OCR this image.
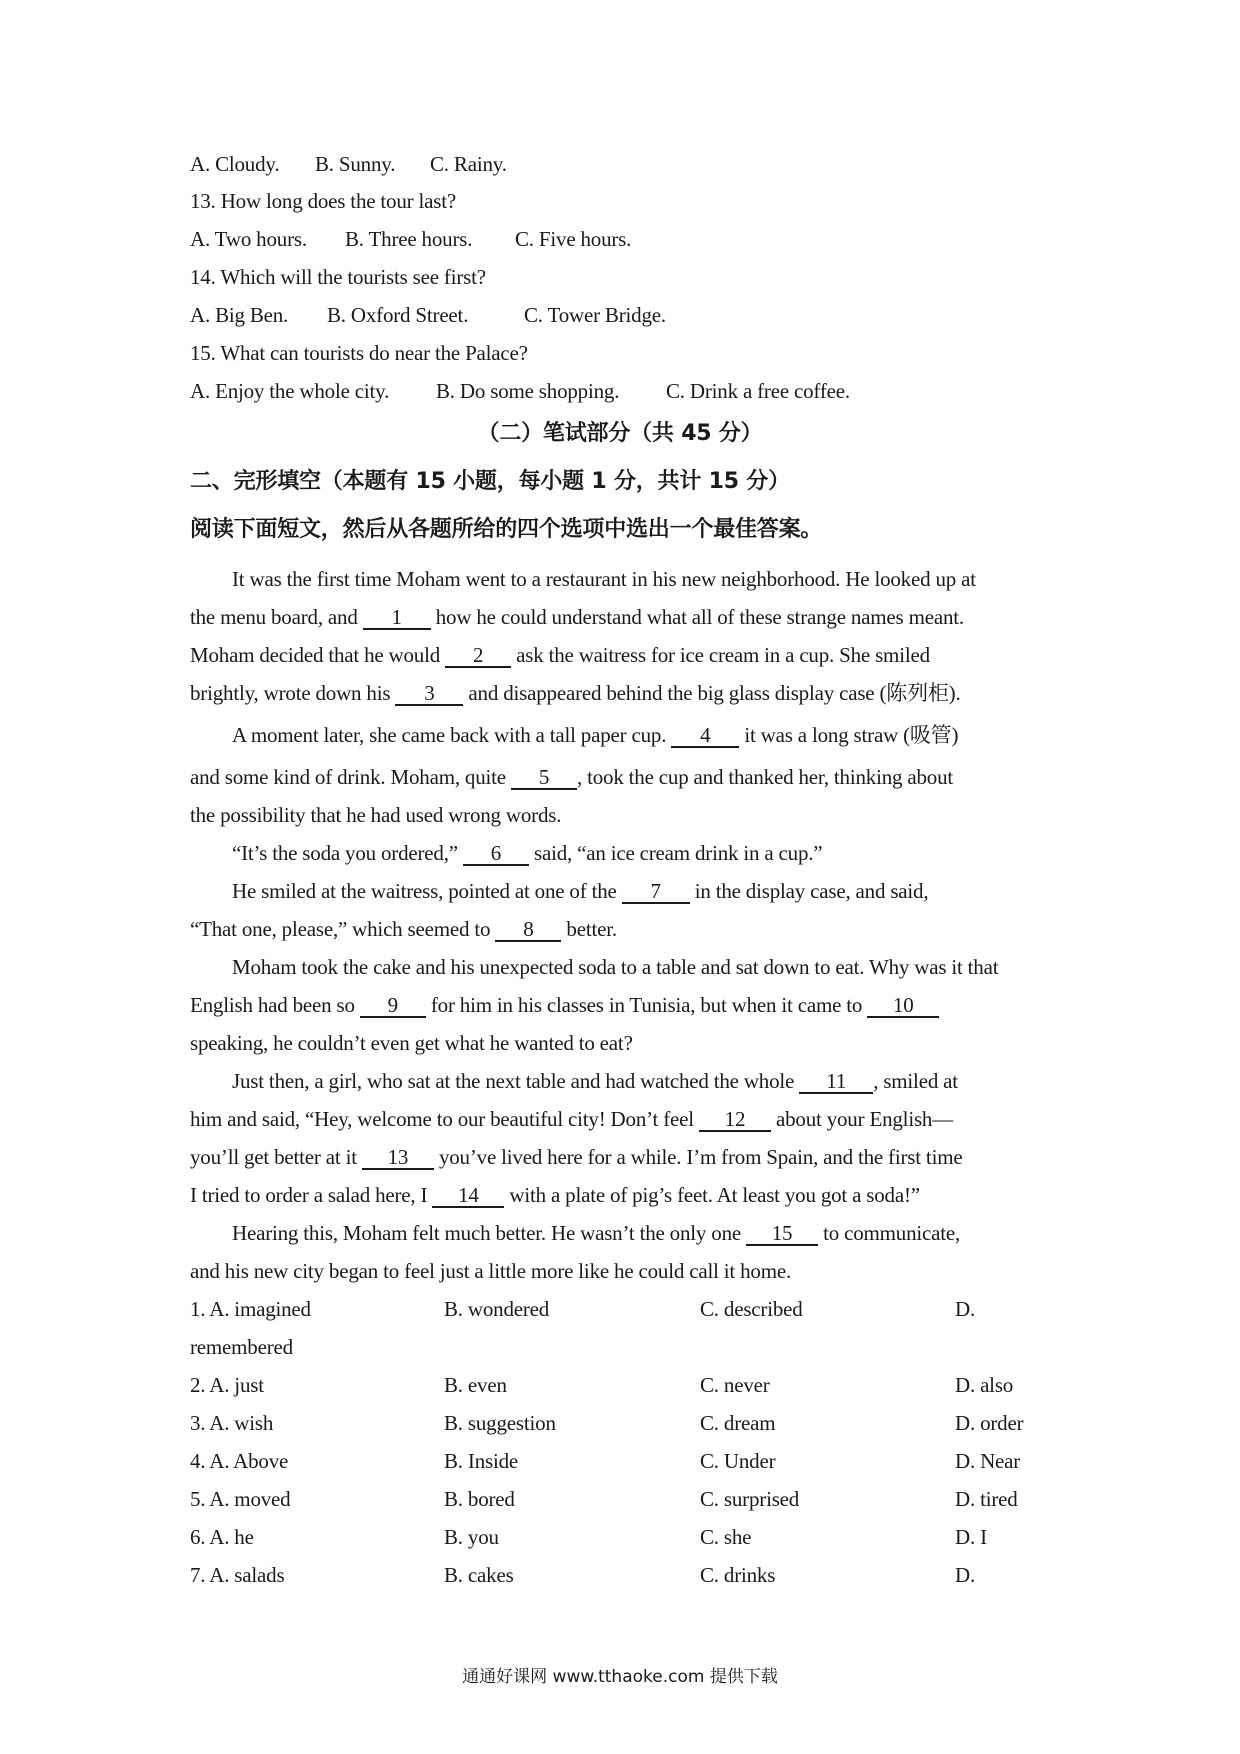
A. Cloudy. B. Sunny. C. Rainy.
13. How long does the tour last?
A. Two hours. B. Three hours. C. Five hours.
14. Which will the tourists see first?
A. Big Ben. B. Oxford Street.	C. Tower Bridge.
15. What can tourists do near the Palace?
A. Enjoy the whole city. B. Do some shopping. C. Drink a free coffee.
（二）笔试部分（共 45 分）
二、完形填空（本题有 15 小题，每小题 1 分，共计 15 分）
阅读下面短文，然后从各题所给的四个选项中选出一个最佳答案。
It was the first time Moham went to a restaurant in his new neighborhood. He looked up at
the menu board, and 1 how he could understand what all of these strange names meant.
Moham decided that he would 2 ask the waitress for ice cream in a cup. She smiled
brightly, wrote down his 3 and disappeared behind the big glass display case (陈列柜).
A moment later, she came back with a tall paper cup. 4 it was a long straw (吸管)
and some kind of drink. Moham, quite 5 , took the cup and thanked her, thinking about
the possibility that he had used wrong words.
“It’s the soda you ordered,” 6 said, “an ice cream drink in a cup.”
He smiled at the waitress, pointed at one of the 7 in the display case, and said,
“That one, please,” which seemed to 8 better.
Moham took the cake and his unexpected soda to a table and sat down to eat. Why was it that
English had been so 9 for him in his classes in Tunisia, but when it came to 10
speaking, he couldn’t even get what he wanted to eat?
Just then, a girl, who sat at the next table and had watched the whole 11 , smiled at
him and said, “Hey, welcome to our beautiful city! Don’t feel 12 about your English—
you’ll get better at it 13 you’ve lived here for a while. I’m from Spain, and the first time
I tried to order a salad here, I 14 with a plate of pig’s feet. At least you got a soda!”
Hearing this, Moham felt much better. He wasn’t the only one 15 to communicate,
and his new city began to feel just a little more like he could call it home.
1. A. imagined	B. wondered	C. described	D.
remembered
2. A. just	B. even	C. never	D. also
3. A. wish	B. suggestion	C. dream	D. order
4. A. Above	B. Inside	C. Under	D. Near
5. A. moved	B. bored	C. surprised	D. tired
6. A. he	B. you	C. she	D. I
7. A. salads	B. cakes	C. drinks	D.
通通好课网 www.tthaoke.com 提供下载
